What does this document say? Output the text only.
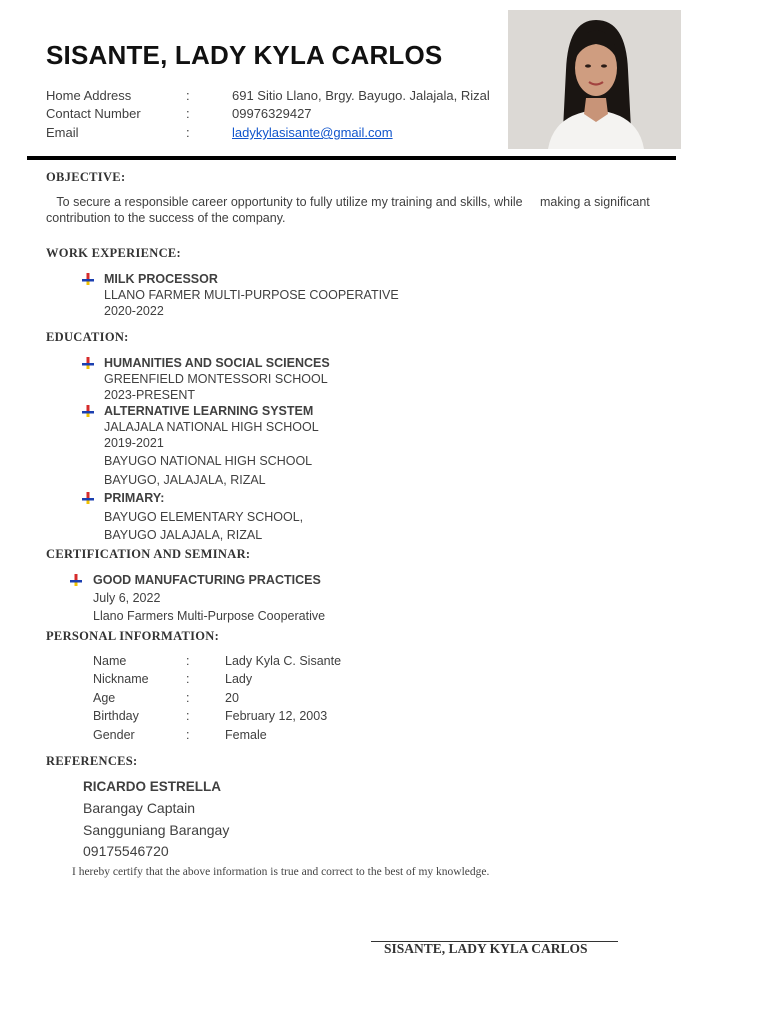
SISANTE, LADY KYLA CARLOS
Home Address	:	691 Sitio Llano, Brgy. Bayugo. Jalajala, Rizal
Contact Number	:	09976329427
Email	:	ladykylasisante@gmail.com
OBJECTIVE:
To secure a responsible career opportunity to fully utilize my training and skills, while     making a significant contribution to the success of the company.
WORK EXPERIENCE:
MILK PROCESSOR
LLANO FARMER MULTI-PURPOSE COOPERATIVE
2020-2022
EDUCATION:
HUMANITIES AND SOCIAL SCIENCES
GREENFIELD MONTESSORI SCHOOL
2023-PRESENT
ALTERNATIVE LEARNING SYSTEM
JALAJALA NATIONAL HIGH SCHOOL
2019-2021
BAYUGO NATIONAL HIGH SCHOOL
BAYUGO, JALAJALA, RIZAL
PRIMARY:
BAYUGO ELEMENTARY SCHOOL,
BAYUGO JALAJALA, RIZAL
CERTIFICATION AND SEMINAR:
GOOD MANUFACTURING PRACTICES
July 6, 2022
Llano Farmers Multi-Purpose Cooperative
PERSONAL INFORMATION:
Name	:	Lady Kyla C. Sisante
Nickname	:	Lady
Age	:	20
Birthday	:	February 12, 2003
Gender	:	Female
REFERENCES:
RICARDO ESTRELLA
Barangay Captain
Sangguniang Barangay
09175546720
I hereby certify that the above information is true and correct to the best of my knowledge.
SISANTE, LADY KYLA CARLOS
